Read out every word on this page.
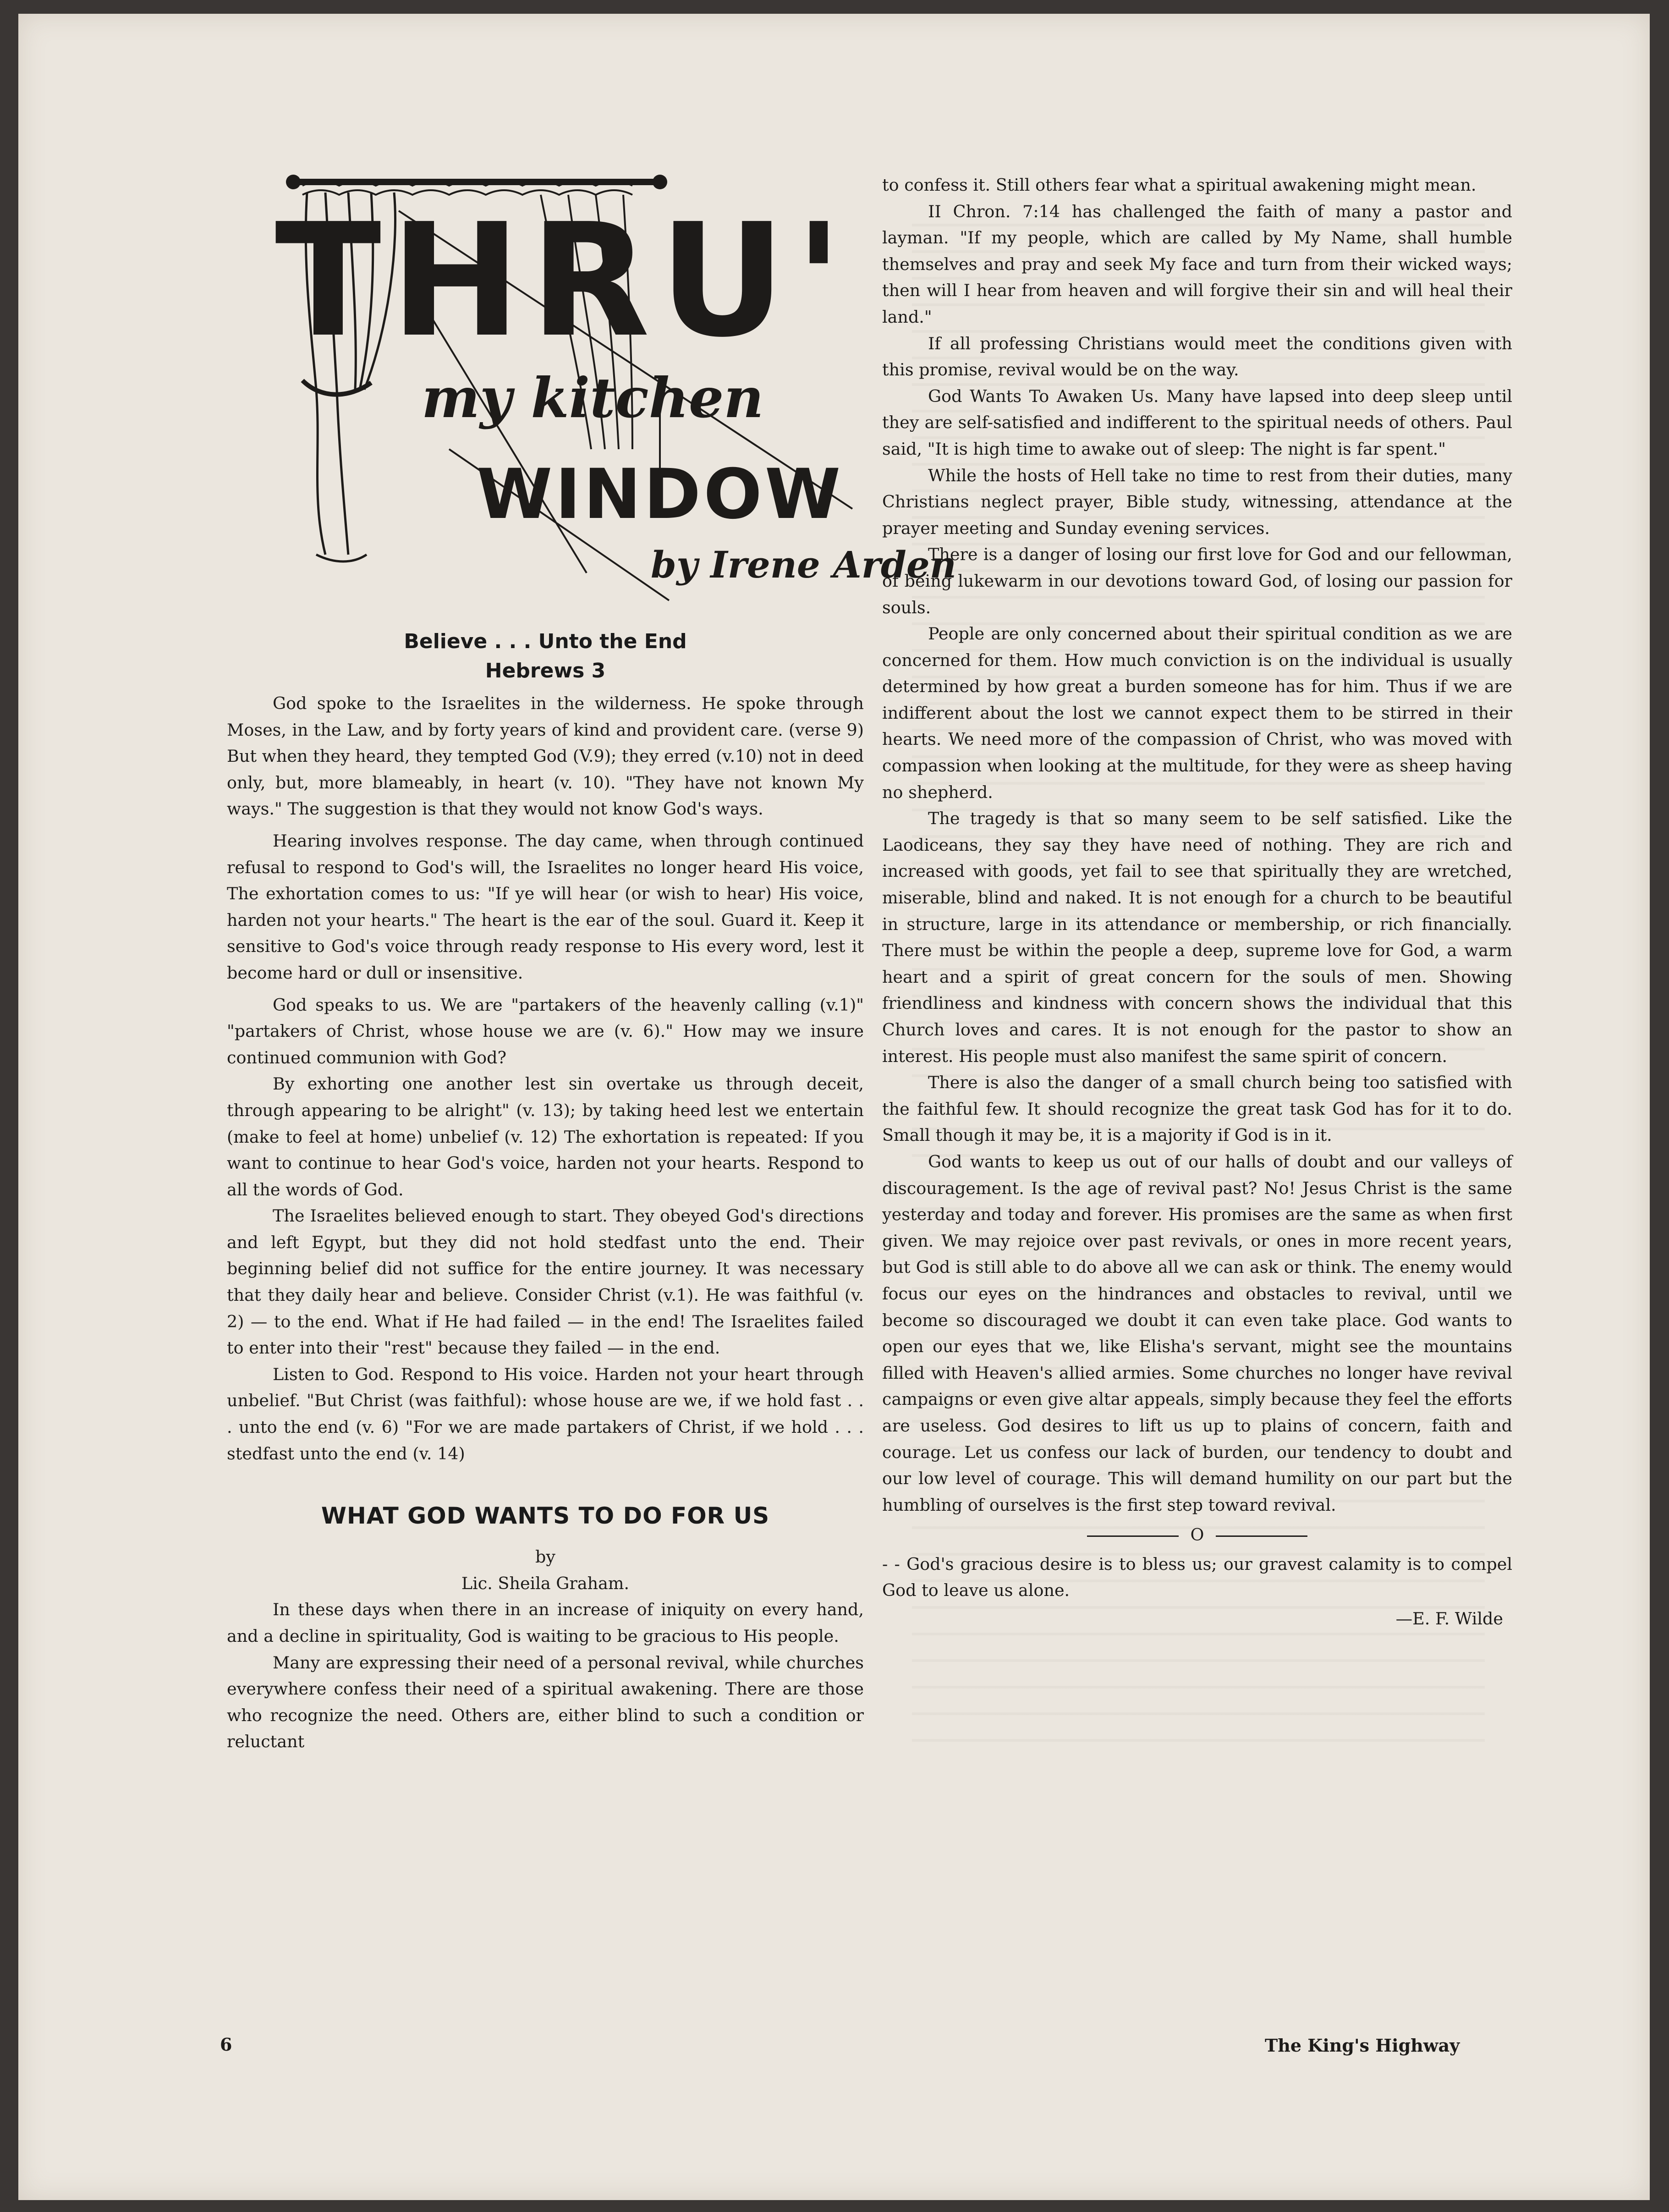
THRU'
my kitchen
WINDOW
by Irene Arden
Believe . . . Unto the End
Hebrews 3

God spoke to the Israelites in the wilderness. He spoke through Moses, in the Law, and by forty years of kind and provident care. (verse 9) But when they heard, they tempted God (V.9); they erred (v.10) not in deed only, but, more blameably, in heart (v. 10). "They have not known My ways." The suggestion is that they would not know God's ways.

Hearing involves response. The day came, when through continued refusal to respond to God's will, the Israelites no longer heard His voice, The exhortation comes to us: "If ye will hear (or wish to hear) His voice, harden not your hearts." The heart is the ear of the soul. Guard it. Keep it sensitive to God's voice through ready response to His every word, lest it become hard or dull or insensitive.

God speaks to us. We are "partakers of the heavenly calling (v.1)" "partakers of Christ, whose house we are (v. 6)." How may we insure continued communion with God?

By exhorting one another lest sin overtake us through deceit, through appearing to be alright" (v. 13); by taking heed lest we entertain (make to feel at home) unbelief (v. 12) The exhortation is repeated: If you want to continue to hear God's voice, harden not your hearts. Respond to all the words of God.

The Israelites believed enough to start. They obeyed God's directions and left Egypt, but they did not hold stedfast unto the end. Their beginning belief did not suffice for the entire journey. It was necessary that they daily hear and believe. Consider Christ (v.1). He was faithful (v. 2) — to the end. What if He had failed — in the end! The Israelites failed to enter into their "rest" because they failed — in the end.

Listen to God. Respond to His voice. Harden not your heart through unbelief. "But Christ (was faithful): whose house are we, if we hold fast . . . unto the end (v. 6) "For we are made partakers of Christ, if we hold . . . stedfast unto the end (v. 14)

WHAT GOD WANTS TO DO FOR US

by

Lic. Sheila Graham.

In these days when there in an increase of iniquity on every hand, and a decline in spirituality, God is waiting to be gracious to His people.

Many are expressing their need of a personal revival, while churches everywhere confess their need of a spiritual awakening. There are those who recognize the need. Others are, either blind to such a condition or reluctant

to confess it. Still others fear what a spiritual awakening might mean.

II Chron. 7:14 has challenged the faith of many a pastor and layman. "If my people, which are called by My Name, shall humble themselves and pray and seek My face and turn from their wicked ways; then will I hear from heaven and will forgive their sin and will heal their land."

If all professing Christians would meet the conditions given with this promise, revival would be on the way.

God Wants To Awaken Us. Many have lapsed into deep sleep until they are self-satisfied and indifferent to the spiritual needs of others. Paul said, "It is high time to awake out of sleep: The night is far spent."

While the hosts of Hell take no time to rest from their duties, many Christians neglect prayer, Bible study, witnessing, attendance at the prayer meeting and Sunday evening services.

There is a danger of losing our first love for God and our fellowman, of being lukewarm in our devotions toward God, of losing our passion for souls.

People are only concerned about their spiritual condition as we are concerned for them. How much conviction is on the individual is usually determined by how great a burden someone has for him. Thus if we are indifferent about the lost we cannot expect them to be stirred in their hearts. We need more of the compassion of Christ, who was moved with compassion when looking at the multitude, for they were as sheep having no shepherd.

The tragedy is that so many seem to be self satisfied. Like the Laodiceans, they say they have need of nothing. They are rich and increased with goods, yet fail to see that spiritually they are wretched, miserable, blind and naked. It is not enough for a church to be beautiful in structure, large in its attendance or membership, or rich financially. There must be within the people a deep, supreme love for God, a warm heart and a spirit of great concern for the souls of men. Showing friendliness and kindness with concern shows the individual that this Church loves and cares. It is not enough for the pastor to show an interest. His people must also manifest the same spirit of concern.

There is also the danger of a small church being too satisfied with the faithful few. It should recognize the great task God has for it to do. Small though it may be, it is a majority if God is in it.

God wants to keep us out of our halls of doubt and our valleys of discouragement. Is the age of revival past? No! Jesus Christ is the same yesterday and today and forever. His promises are the same as when first given. We may rejoice over past revivals, or ones in more recent years, but God is still able to do above all we can ask or think. The enemy would focus our eyes on the hindrances and obstacles to revival, until we become so discouraged we doubt it can even take place. God wants to open our eyes that we, like Elisha's servant, might see the mountains filled with Heaven's allied armies. Some churches no longer have revival campaigns or even give altar appeals, simply because they feel the efforts are useless. God desires to lift us up to plains of concern, faith and courage. Let us confess our lack of burden, our tendency to doubt and our low level of courage. This will demand humility on our part but the humbling of ourselves is the first step toward revival.

O

- - God's gracious desire is to bless us; our gravest calamity is to compel God to leave us alone.

—E. F. Wilde
6	The King's Highway
